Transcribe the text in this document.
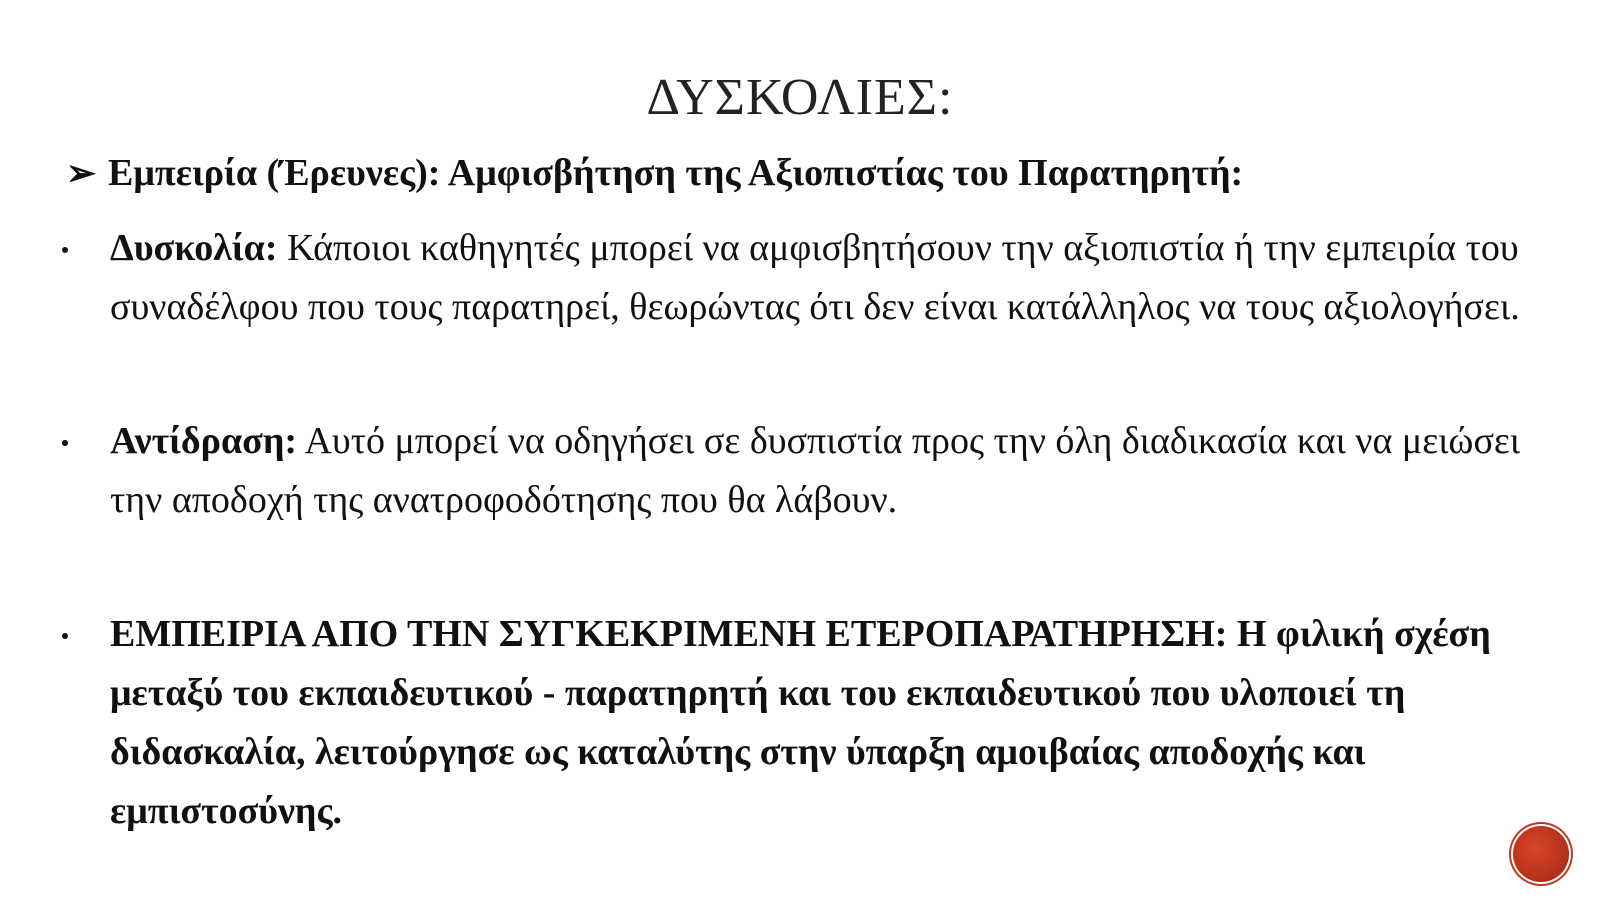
ΔΥΣΚΟΛΙΕΣ:
➢ Εμπειρία (Έρευνες): Αμφισβήτηση της Αξιοπιστίας του Παρατηρητή:
Δυσκολία: Κάποιοι καθηγητές μπορεί να αμφισβητήσουν την αξιοπιστία ή την εμπειρία του συναδέλφου που τους παρατηρεί, θεωρώντας ότι δεν είναι κατάλληλος να τους αξιολογήσει.
Αντίδραση: Αυτό μπορεί να οδηγήσει σε δυσπιστία προς την όλη διαδικασία και να μειώσει την αποδοχή της ανατροφοδότησης που θα λάβουν.
ΕΜΠΕΙΡΙΑ ΑΠΟ ΤΗΝ ΣΥΓΚΕΚΡΙΜΕΝΗ ΕΤΕΡΟΠΑΡΑΤΗΡΗΣΗ: Η φιλική σχέση μεταξύ του εκπαιδευτικού - παρατηρητή και του εκπαιδευτικού που υλοποιεί τη διδασκαλία, λειτούργησε ως καταλύτης στην ύπαρξη αμοιβαίας αποδοχής και εμπιστοσύνης.
